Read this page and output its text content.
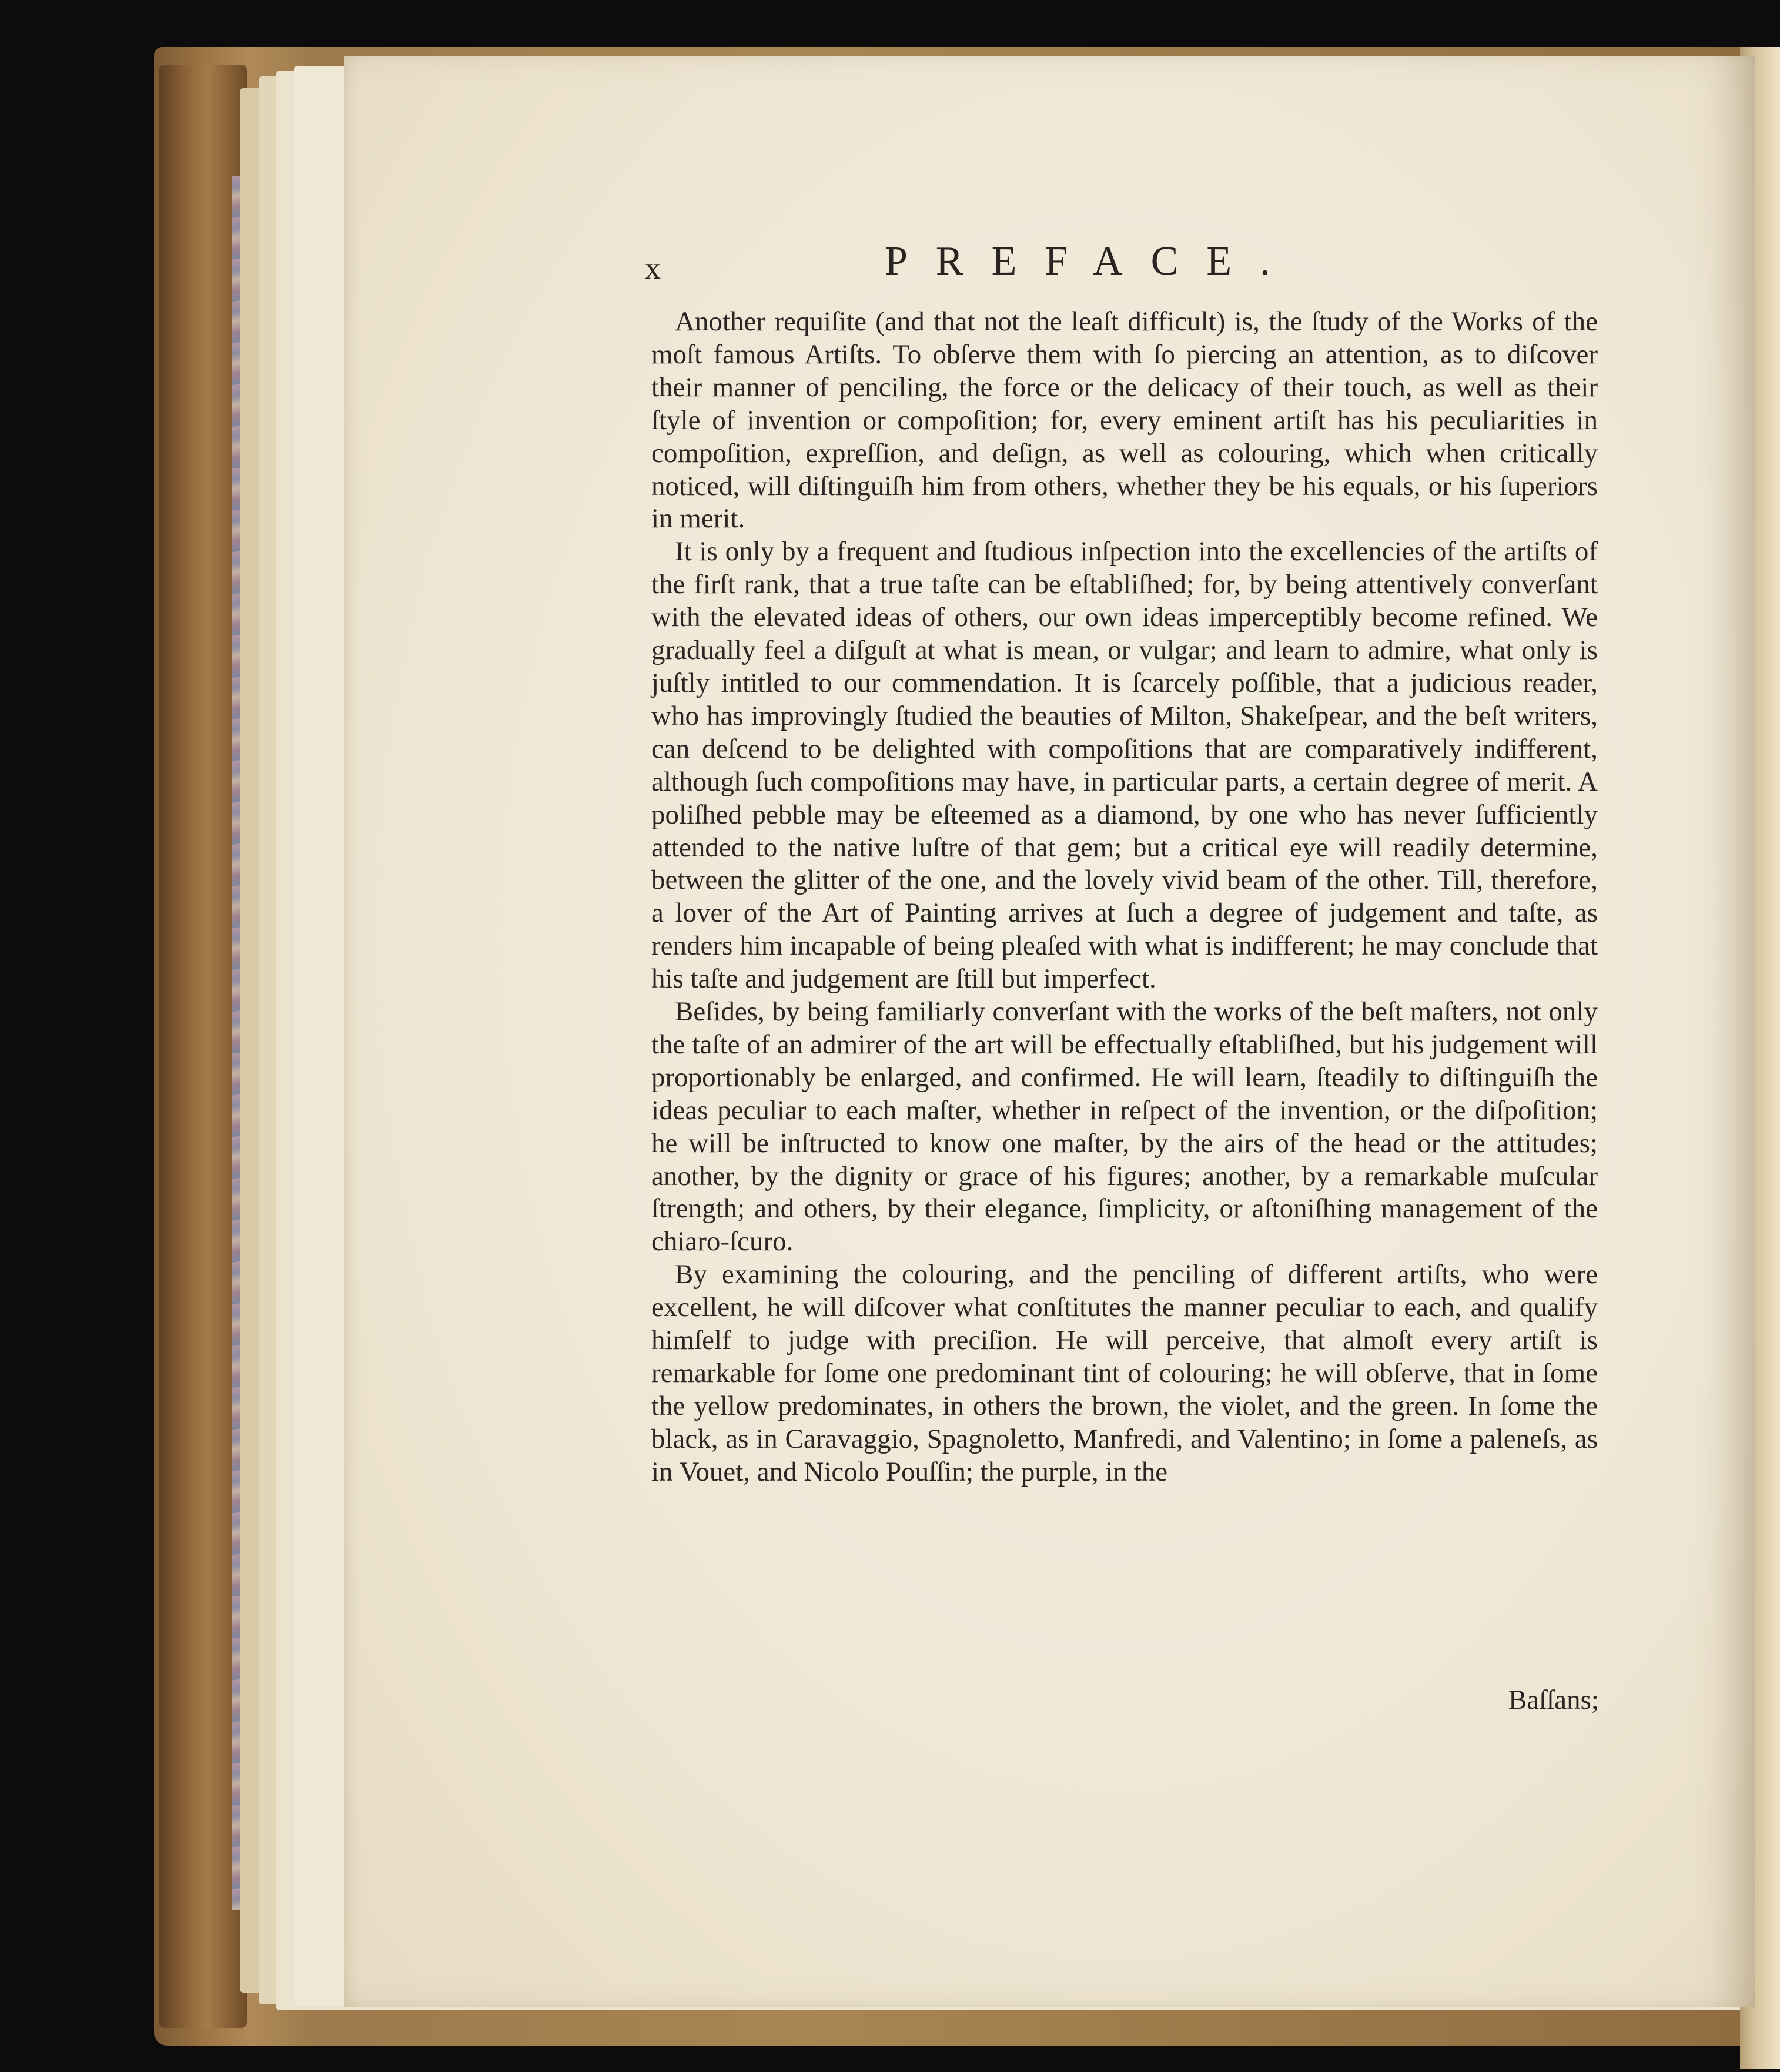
x	PREFACE.

Another requiſite (and that not the leaſt difficult) is, the ſtudy of the Works of the moſt famous Artiſts. To obſerve them with ſo piercing an attention, as to diſcover their manner of penciling, the force or the delicacy of their touch, as well as their ſtyle of invention or compoſition; for, every eminent artiſt has his peculiarities in compoſition, expreſſion, and deſign, as well as colouring, which when critically noticed, will diſtinguiſh him from others, whether they be his equals, or his ſuperiors in merit.

It is only by a frequent and ſtudious inſpection into the excellencies of the artiſts of the firſt rank, that a true taſte can be eſtabliſhed; for, by being attentively converſant with the elevated ideas of others, our own ideas imperceptibly become refined. We gradually feel a diſguſt at what is mean, or vulgar; and learn to admire, what only is juſtly intitled to our commendation. It is ſcarcely poſſible, that a judicious reader, who has improvingly ſtudied the beauties of Milton, Shakeſpear, and the beſt writers, can deſcend to be delighted with compoſitions that are comparatively indifferent, although ſuch compoſitions may have, in particular parts, a certain degree of merit. A poliſhed pebble may be eſteemed as a diamond, by one who has never ſufficiently attended to the native luſtre of that gem; but a critical eye will readily determine, between the glitter of the one, and the lovely vivid beam of the other. Till, therefore, a lover of the Art of Painting arrives at ſuch a degree of judgement and taſte, as renders him incapable of being pleaſed with what is indifferent; he may conclude that his taſte and judgement are ſtill but imperfect.

Beſides, by being familiarly converſant with the works of the beſt maſters, not only the taſte of an admirer of the art will be effectually eſtabliſhed, but his judgement will proportionably be enlarged, and confirmed. He will learn, ſteadily to diſtinguiſh the ideas peculiar to each maſter, whether in reſpect of the invention, or the diſpoſition; he will be inſtructed to know one maſter, by the airs of the head or the attitudes; another, by the dignity or grace of his figures; another, by a remarkable muſcular ſtrength; and others, by their elegance, ſimplicity, or aſtoniſhing management of the chiaro-ſcuro.

By examining the colouring, and the penciling of different artiſts, who were excellent, he will diſcover what conſtitutes the manner peculiar to each, and qualify himſelf to judge with preciſion. He will perceive, that almoſt every artiſt is remarkable for ſome one predominant tint of colouring; he will obſerve, that in ſome the yellow predominates, in others the brown, the violet, and the green. In ſome the black, as in Caravaggio, Spagnoletto, Manfredi, and Valentino; in ſome a paleneſs, as in Vouet, and Nicolo Pouſſin; the purple, in the

Baſſans;
